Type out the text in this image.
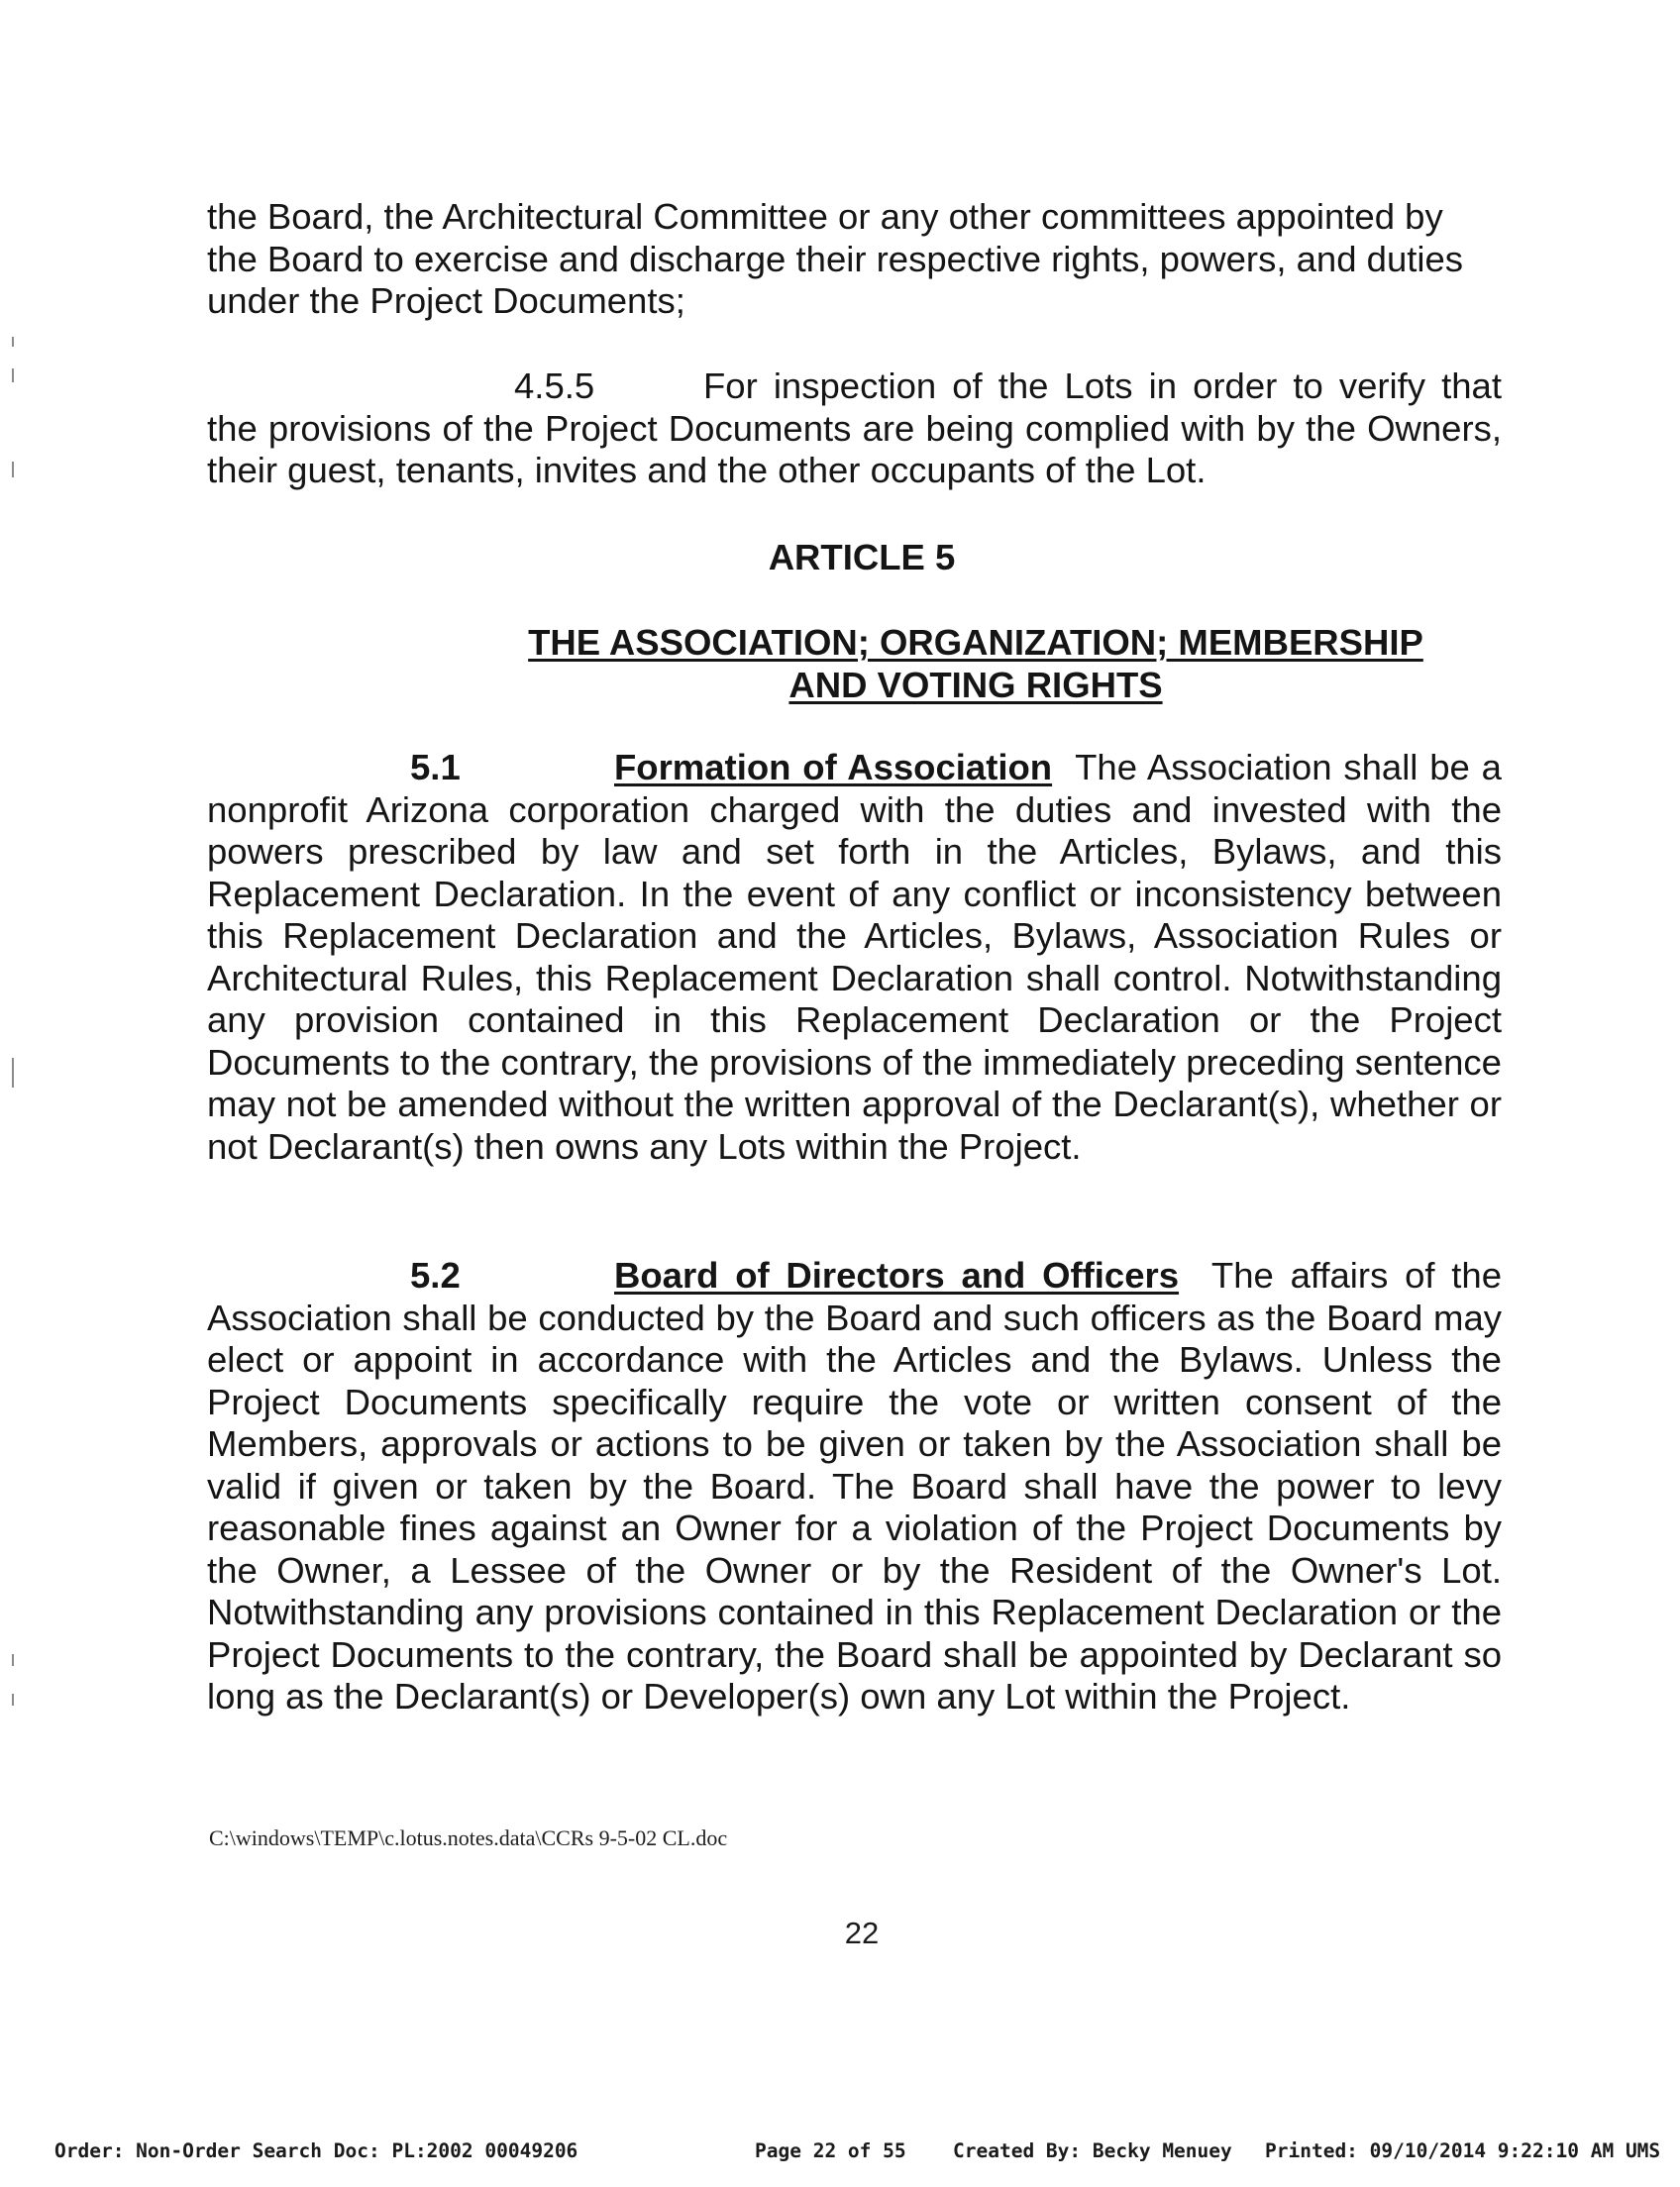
the Board, the Architectural Committee or any other committees appointed by the Board to exercise and discharge their respective rights, powers, and duties under the Project Documents;

4.5.5	For inspection of the Lots in order to verify that the provisions of the Project Documents are being complied with by the Owners, their guest, tenants, invites and the other occupants of the Lot.

ARTICLE 5
THE ASSOCIATION; ORGANIZATION; MEMBERSHIP
AND VOTING RIGHTS

5.1	Formation of Association The Association shall be a nonprofit Arizona corporation charged with the duties and invested with the powers prescribed by law and set forth in the Articles, Bylaws, and this Replacement Declaration. In the event of any conflict or inconsistency between this Replacement Declaration and the Articles, Bylaws, Association Rules or Architectural Rules, this Replacement Declaration shall control. Notwithstanding any provision contained in this Replacement Declaration or the Project Documents to the contrary, the provisions of the immediately preceding sentence may not be amended without the written approval of the Declarant(s), whether or not Declarant(s) then owns any Lots within the Project.

5.2	Board of Directors and Officers The affairs of the Association shall be conducted by the Board and such officers as the Board may elect or appoint in accordance with the Articles and the Bylaws. Unless the Project Documents specifically require the vote or written consent of the Members, approvals or actions to be given or taken by the Association shall be valid if given or taken by the Board. The Board shall have the power to levy reasonable fines against an Owner for a violation of the Project Documents by the Owner, a Lessee of the Owner or by the Resident of the Owner's Lot. Notwithstanding any provisions contained in this Replacement Declaration or the Project Documents to the contrary, the Board shall be appointed by Declarant so long as the Declarant(s) or Developer(s) own any Lot within the Project.

C:\windows\TEMP\c.lotus.notes.data\CCRs 9-5-02 CL.doc
22
Order: Non-Order Search Doc: PL:2002 00049206	Page 22 of 55 Created By: Becky Menuey Printed: 09/10/2014 9:22:10 AM UMS
